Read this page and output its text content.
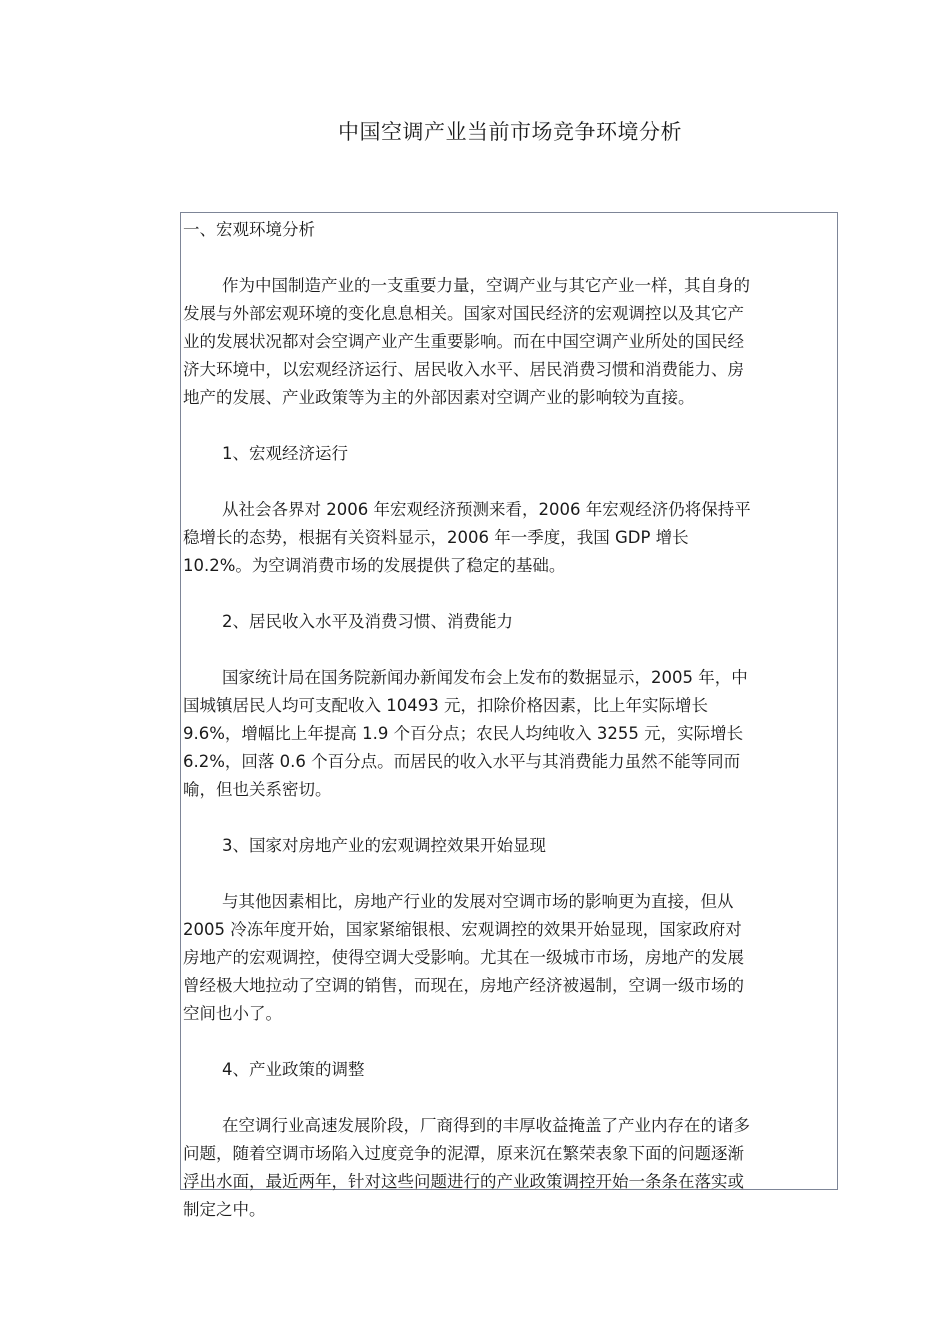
中国空调产业当前市场竞争环境分析
一、宏观环境分析
作为中国制造产业的一支重要力量，空调产业与其它产业一样，其自身的
发展与外部宏观环境的变化息息相关。国家对国民经济的宏观调控以及其它产
业的发展状况都对会空调产业产生重要影响。而在中国空调产业所处的国民经
济大环境中，以宏观经济运行、居民收入水平、居民消费习惯和消费能力、房
地产的发展、产业政策等为主的外部因素对空调产业的影响较为直接。
1、宏观经济运行
从社会各界对 2006 年宏观经济预测来看，2006 年宏观经济仍将保持平
稳增长的态势，根据有关资料显示，2006 年一季度，我国 GDP 增长
10.2%。为空调消费市场的发展提供了稳定的基础。
2、居民收入水平及消费习惯、消费能力
国家统计局在国务院新闻办新闻发布会上发布的数据显示，2005 年，中
国城镇居民人均可支配收入 10493 元，扣除价格因素，比上年实际增长
9.6%，增幅比上年提高 1.9 个百分点；农民人均纯收入 3255 元，实际增长
6.2%，回落 0.6 个百分点。而居民的收入水平与其消费能力虽然不能等同而
喻，但也关系密切。
3、国家对房地产业的宏观调控效果开始显现
与其他因素相比，房地产行业的发展对空调市场的影响更为直接，但从
2005 冷冻年度开始，国家紧缩银根、宏观调控的效果开始显现，国家政府对
房地产的宏观调控，使得空调大受影响。尤其在一级城市市场，房地产的发展
曾经极大地拉动了空调的销售，而现在，房地产经济被遏制，空调一级市场的
空间也小了。
4、产业政策的调整
在空调行业高速发展阶段，厂商得到的丰厚收益掩盖了产业内存在的诸多
问题，随着空调市场陷入过度竞争的泥潭，原来沉在繁荣表象下面的问题逐渐
浮出水面，最近两年，针对这些问题进行的产业政策调控开始一条条在落实或
制定之中。
